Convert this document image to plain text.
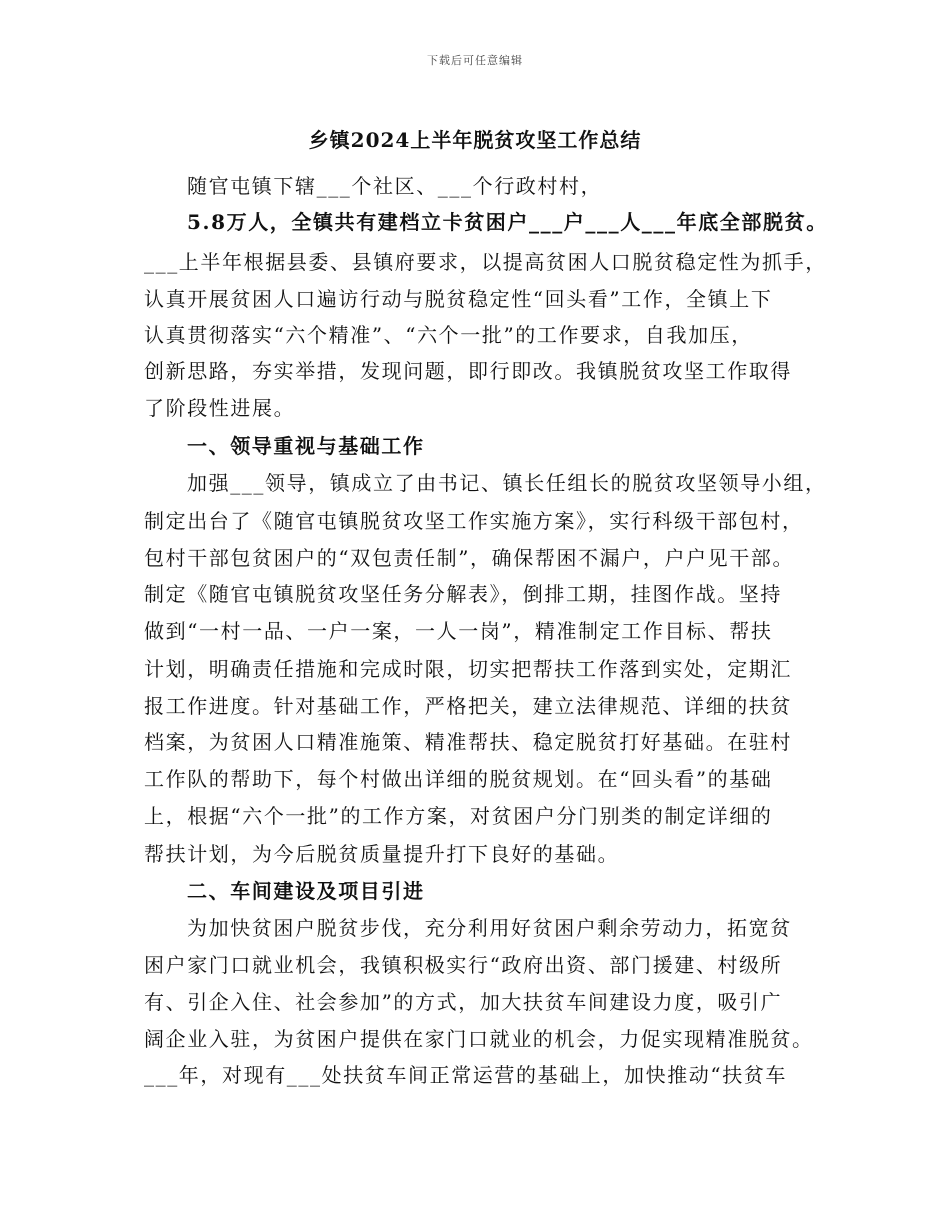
下载后可任意编辑
乡镇2024上半年脱贫攻坚工作总结
随官屯镇下辖___个社区、___个行政村村，
5.8万人，全镇共有建档立卡贫困户___户___人___年底全部脱贫。
___上半年根据县委、县镇府要求，以提高贫困人口脱贫稳定性为抓手，
认真开展贫困人口遍访行动与脱贫稳定性“回头看”工作，全镇上下
认真贯彻落实“六个精准”、“六个一批”的工作要求，自我加压，
创新思路，夯实举措，发现问题，即行即改。我镇脱贫攻坚工作取得
了阶段性进展。
一、领导重视与基础工作
加强___领导，镇成立了由书记、镇长任组长的脱贫攻坚领导小组，
制定出台了《随官屯镇脱贫攻坚工作实施方案》，实行科级干部包村，
包村干部包贫困户的“双包责任制”，确保帮困不漏户，户户见干部。
制定《随官屯镇脱贫攻坚任务分解表》，倒排工期，挂图作战。坚持
做到“一村一品、一户一案，一人一岗”，精准制定工作目标、帮扶
计划，明确责任措施和完成时限，切实把帮扶工作落到实处，定期汇
报工作进度。针对基础工作，严格把关，建立法律规范、详细的扶贫
档案，为贫困人口精准施策、精准帮扶、稳定脱贫打好基础。在驻村
工作队的帮助下，每个村做出详细的脱贫规划。在“回头看”的基础
上，根据“六个一批”的工作方案，对贫困户分门别类的制定详细的
帮扶计划，为今后脱贫质量提升打下良好的基础。
二、车间建设及项目引进
为加快贫困户脱贫步伐，充分利用好贫困户剩余劳动力，拓宽贫
困户家门口就业机会，我镇积极实行“政府出资、部门援建、村级所
有、引企入住、社会参加”的方式，加大扶贫车间建设力度，吸引广
阔企业入驻，为贫困户提供在家门口就业的机会，力促实现精准脱贫。
___年，对现有___处扶贫车间正常运营的基础上，加快推动“扶贫车
